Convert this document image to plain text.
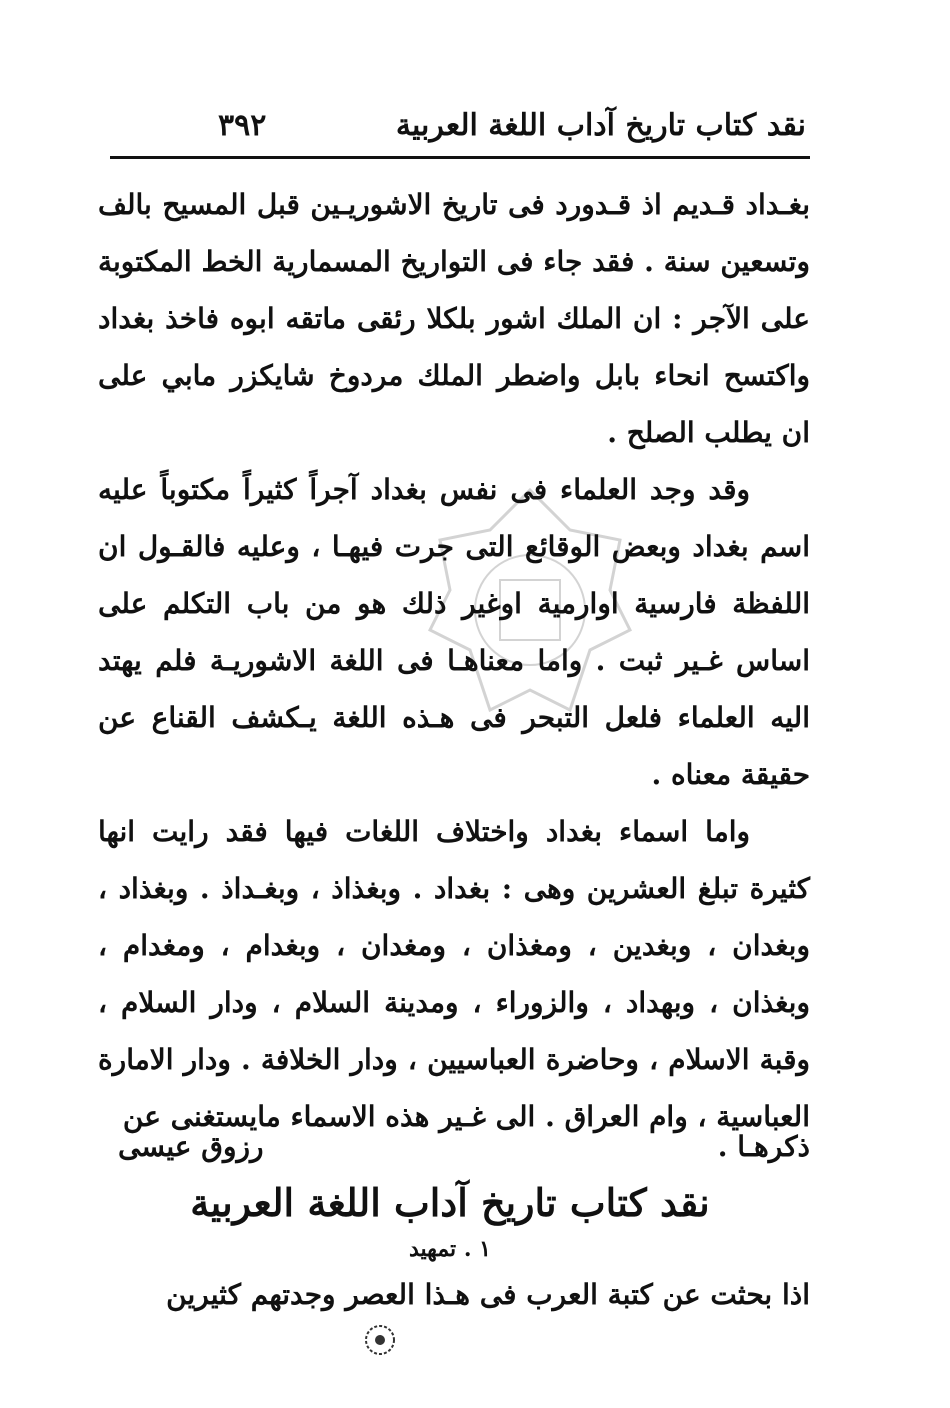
نقد كتاب تاريخ آداب اللغة العربية
٣٩٢

بغـداد قـديم اذ قـدورد فى تاريخ الاشوريـين قبل المسيح بالف وتسعين سنة . فقد جاء فى التواريخ المسمارية الخط المكتوبة على الآجر : ان الملك اشور بلكلا رئقى ماتقه ابوه فاخذ بغداد واكتسح انحاء بابل واضطر الملك مردوخ شايكزر مابي على ان يطلب الصلح .

وقد وجد العلماء فى نفس بغداد آجراً كثيراً مكتوباً عليه اسم بغداد وبعض الوقائع التى جرت فيهـا ، وعليه فالقـول ان اللفظة فارسية اوارمية اوغير ذلك هو من باب التكلم على اساس غـير ثبت . واما معناهـا فى اللغة الاشوريـة فلم يهتد اليه العلماء فلعل التبحر فى هـذه اللغة يـكشف القناع عن حقيقة معناه .

واما اسماء بغداد واختلاف اللغات فيها فقد رايت انها كثيرة تبلغ العشرين وهى : بغداد . وبغذاذ ، وبغـداذ . وبغذاد ، وبغدان ، وبغدين ، ومغذان ، ومغدان ، وبغدام ، ومغدام ، وبغذان ، وبهداد ، والزوراء ، ومدينة السلام ، ودار السلام ، وقبة الاسلام ، وحاضرة العباسيين ، ودار الخلافة . ودار الامارة العباسية ، وام العراق . الى غـير هذه الاسماء مايستغنى عن

ذكرهـا .
رزوق عيسى
نقد كتاب تاريخ آداب اللغة العربية
١ . تمهيد
اذا بحثت عن كتبة العرب فى هـذا العصر وجدتهم كثيرين
